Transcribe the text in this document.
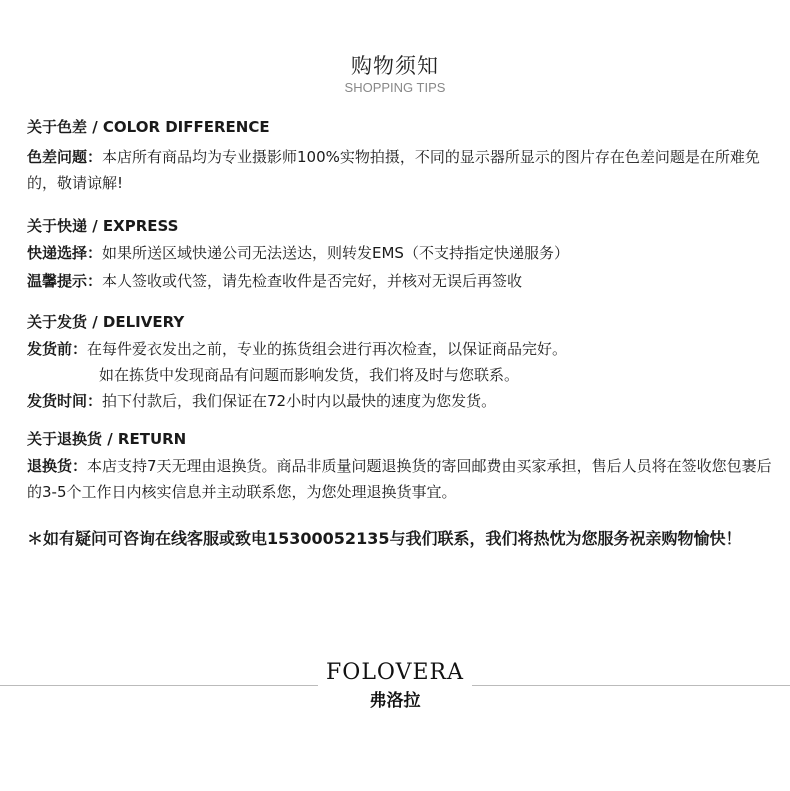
购物须知
SHOPPING TIPS
关于色差 / COLOR DIFFERENCE
色差问题：本店所有商品均为专业摄影师100%实物拍摄，不同的显示器所显示的图片存在色差问题是在所难免的，敬请谅解!
关于快递 / EXPRESS
快递选择：如果所送区域快递公司无法送达，则转发EMS（不支持指定快递服务）
温馨提示：本人签收或代签，请先检查收件是否完好，并核对无误后再签收
关于发货 / DELIVERY
发货前：在每件爱衣发出之前，专业的拣货组会进行再次检查，以保证商品完好。
如在拣货中发现商品有问题而影响发货，我们将及时与您联系。
发货时间：拍下付款后，我们保证在72小时内以最快的速度为您发货。
关于退换货 / RETURN
退换货：本店支持7天无理由退换货。商品非质量问题退换货的寄回邮费由买家承担，售后人员将在签收您包裹后的3-5个工作日内核实信息并主动联系您，为您处理退换货事宜。
＊如有疑问可咨询在线客服或致电15300052135与我们联系，我们将热忱为您服务祝亲购物愉快！
FOLOVERA
弗洛拉
